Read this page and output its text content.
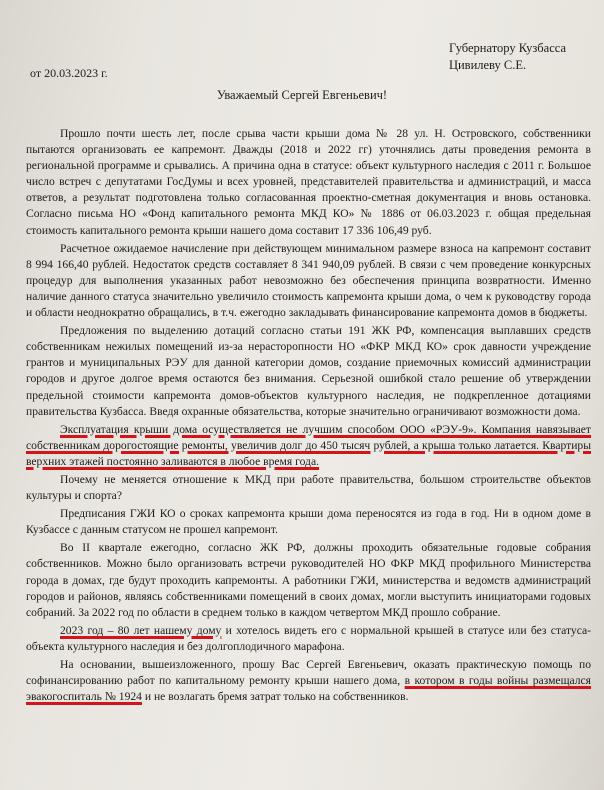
Губернатору Кузбасса
Цивилеву С.Е.
от 20.03.2023 г.
Уважаемый Сергей Евгеньевич!

Прошло почти шесть лет, после срыва части крыши дома № 28 ул. Н. Островского, собственники пытаются организовать ее капремонт. Дважды (2018 и 2022 гг) уточнялись даты проведения ремонта в региональной программе и срывались. А причина одна в статусе: объект культурного наследия с 2011 г. Большое число встреч с депутатами ГосДумы и всех уровней, представителей правительства и администраций, и масса ответов, а результат подготовлена только согласованная проектно-сметная документация и вновь остановка. Согласно письма НО «Фонд капитального ремонта МКД КО» № 1886 от 06.03.2023 г. общая предельная стоимость капитального ремонта крыши нашего дома составит 17 336 106,49 руб.

Расчетное ожидаемое начисление при действующем минимальном размере взноса на капремонт составит 8 994 166,40 рублей. Недостаток средств составляет 8 341 940,09 рублей. В связи с чем проведение конкурсных процедур для выполнения указанных работ невозможно без обеспечения принципа возвратности. Именно наличие данного статуса значительно увеличило стоимость капремонта крыши дома, о чем к руководству города и области неоднократно обращались, в т.ч. ежегодно закладывать финансирование капремонта домов в бюджеты.

Предложения по выделению дотаций согласно статьи 191 ЖК РФ, компенсация выплавших средств собственникам нежилых помещений из-за нерасторопности НО «ФКР МКД КО» срок давности учреждение грантов и муниципальных РЭУ для данной категории домов, создание приемочных комиссий администрации городов и другое долгое время остаются без внимания. Серьезной ошибкой стало решение об утверждении предельной стоимости капремонта домов-объектов культурного наследия, не подкрепленное дотациями правительства Кузбасса. Введя охранные обязательства, которые значительно ограничивают возможности дома.

Эксплуатация крыши дома осуществляется не лучшим способом ООО «РЭУ-9». Компания навязывает собственникам дорогостоящие ремонты, увеличив долг до 450 тысяч рублей, а крыша только латается. Квартиры верхних этажей постоянно заливаются в любое время года.

Почему не меняется отношение к МКД при работе правительства, большом строительстве объектов культуры и спорта?

Предписания ГЖИ КО о сроках капремонта крыши дома переносятся из года в год. Ни в одном доме в Кузбассе с данным статусом не прошел капремонт.

Во II квартале ежегодно, согласно ЖК РФ, должны проходить обязательные годовые собрания собственников. Можно было организовать встречи руководителей НО ФКР МКД профильного Министерства города в домах, где будут проходить капремонты. А работники ГЖИ, министерства и ведомств администраций городов и районов, являясь собственниками помещений в своих домах, могли выступить инициаторами годовых собраний. За 2022 год по области в среднем только в каждом четвертом МКД прошло собрание.

2023 год – 80 лет нашему дому и хотелось видеть его с нормальной крышей в статусе или без статуса-объекта культурного наследия и без долгоплодичного марафона.

На основании, вышеизложенного, прошу Вас Сергей Евгеньевич, оказать практическую помощь по софинансированию работ по капитальному ремонту крыши нашего дома, в котором в годы войны размещался эвакогоспиталь № 1924 и не возлагать бремя затрат только на собственников.
